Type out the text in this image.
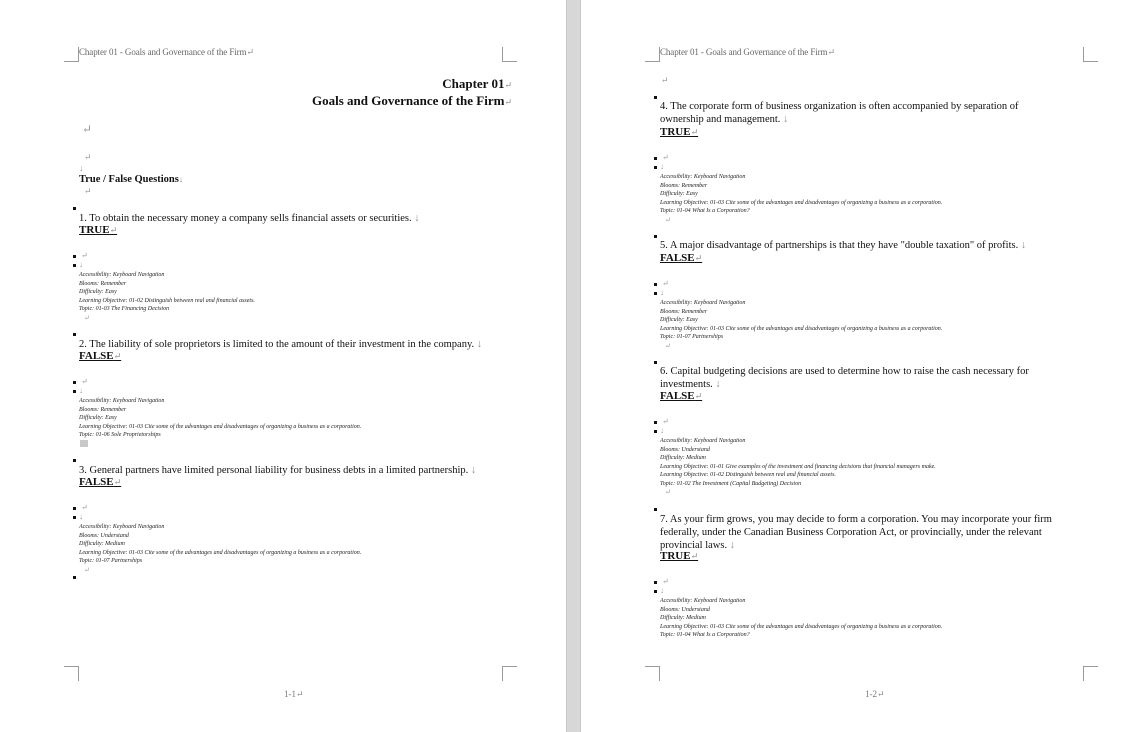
Chapter 01 - Goals and Governance of the Firm↵
Chapter 01↵
Goals and Governance of the Firm↵
↵
↵
↓
True / False Questions↓
↵
1. To obtain the necessary money a company sells financial assets or securities. ↓
TRUE↵
↵
↓
Accessibility: Keyboard Navigation
Blooms: Remember
Difficulty: Easy
Learning Objective: 01-02 Distinguish between real and financial assets.
Topic: 01-03 The Financing Decision
↵
2. The liability of sole proprietors is limited to the amount of their investment in the company. ↓
FALSE↵
↵
↓
Accessibility: Keyboard Navigation
Blooms: Remember
Difficulty: Easy
Learning Objective: 01-03 Cite some of the advantages and disadvantages of organizing a business as a corporation.
Topic: 01-06 Sole Proprietorships
3. General partners have limited personal liability for business debts in a limited partnership. ↓
FALSE↵
↵
↓
Accessibility: Keyboard Navigation
Blooms: Understand
Difficulty: Medium
Learning Objective: 01-03 Cite some of the advantages and disadvantages of organizing a business as a corporation.
Topic: 01-07 Partnerships
↵
1-1↵
Chapter 01 - Goals and Governance of the Firm↵
↵
4. The corporate form of business organization is often accompanied by separation of ownership and management. ↓
TRUE↵
↵
↓
Accessibility: Keyboard Navigation
Blooms: Remember
Difficulty: Easy
Learning Objective: 01-03 Cite some of the advantages and disadvantages of organizing a business as a corporation.
Topic: 01-04 What Is a Corporation?
↵
5. A major disadvantage of partnerships is that they have "double taxation" of profits. ↓
FALSE↵
↵
↓
Accessibility: Keyboard Navigation
Blooms: Remember
Difficulty: Easy
Learning Objective: 01-03 Cite some of the advantages and disadvantages of organizing a business as a corporation.
Topic: 01-07 Partnerships
↵
6. Capital budgeting decisions are used to determine how to raise the cash necessary for investments. ↓
FALSE↵
↵
↓
Accessibility: Keyboard Navigation
Blooms: Understand
Difficulty: Medium
Learning Objective: 01-01 Give examples of the investment and financing decisions that financial managers make.
Learning Objective: 01-02 Distinguish between real and financial assets.
Topic: 01-02 The Investment (Capital Budgeting) Decision
↵
7. As your firm grows, you may decide to form a corporation. You may incorporate your firm federally, under the Canadian Business Corporation Act, or provincially, under the relevant provincial laws. ↓
TRUE↵
↵
↓
Accessibility: Keyboard Navigation
Blooms: Understand
Difficulty: Medium
Learning Objective: 01-03 Cite some of the advantages and disadvantages of organizing a business as a corporation.
Topic: 01-04 What Is a Corporation?
1-2↵
